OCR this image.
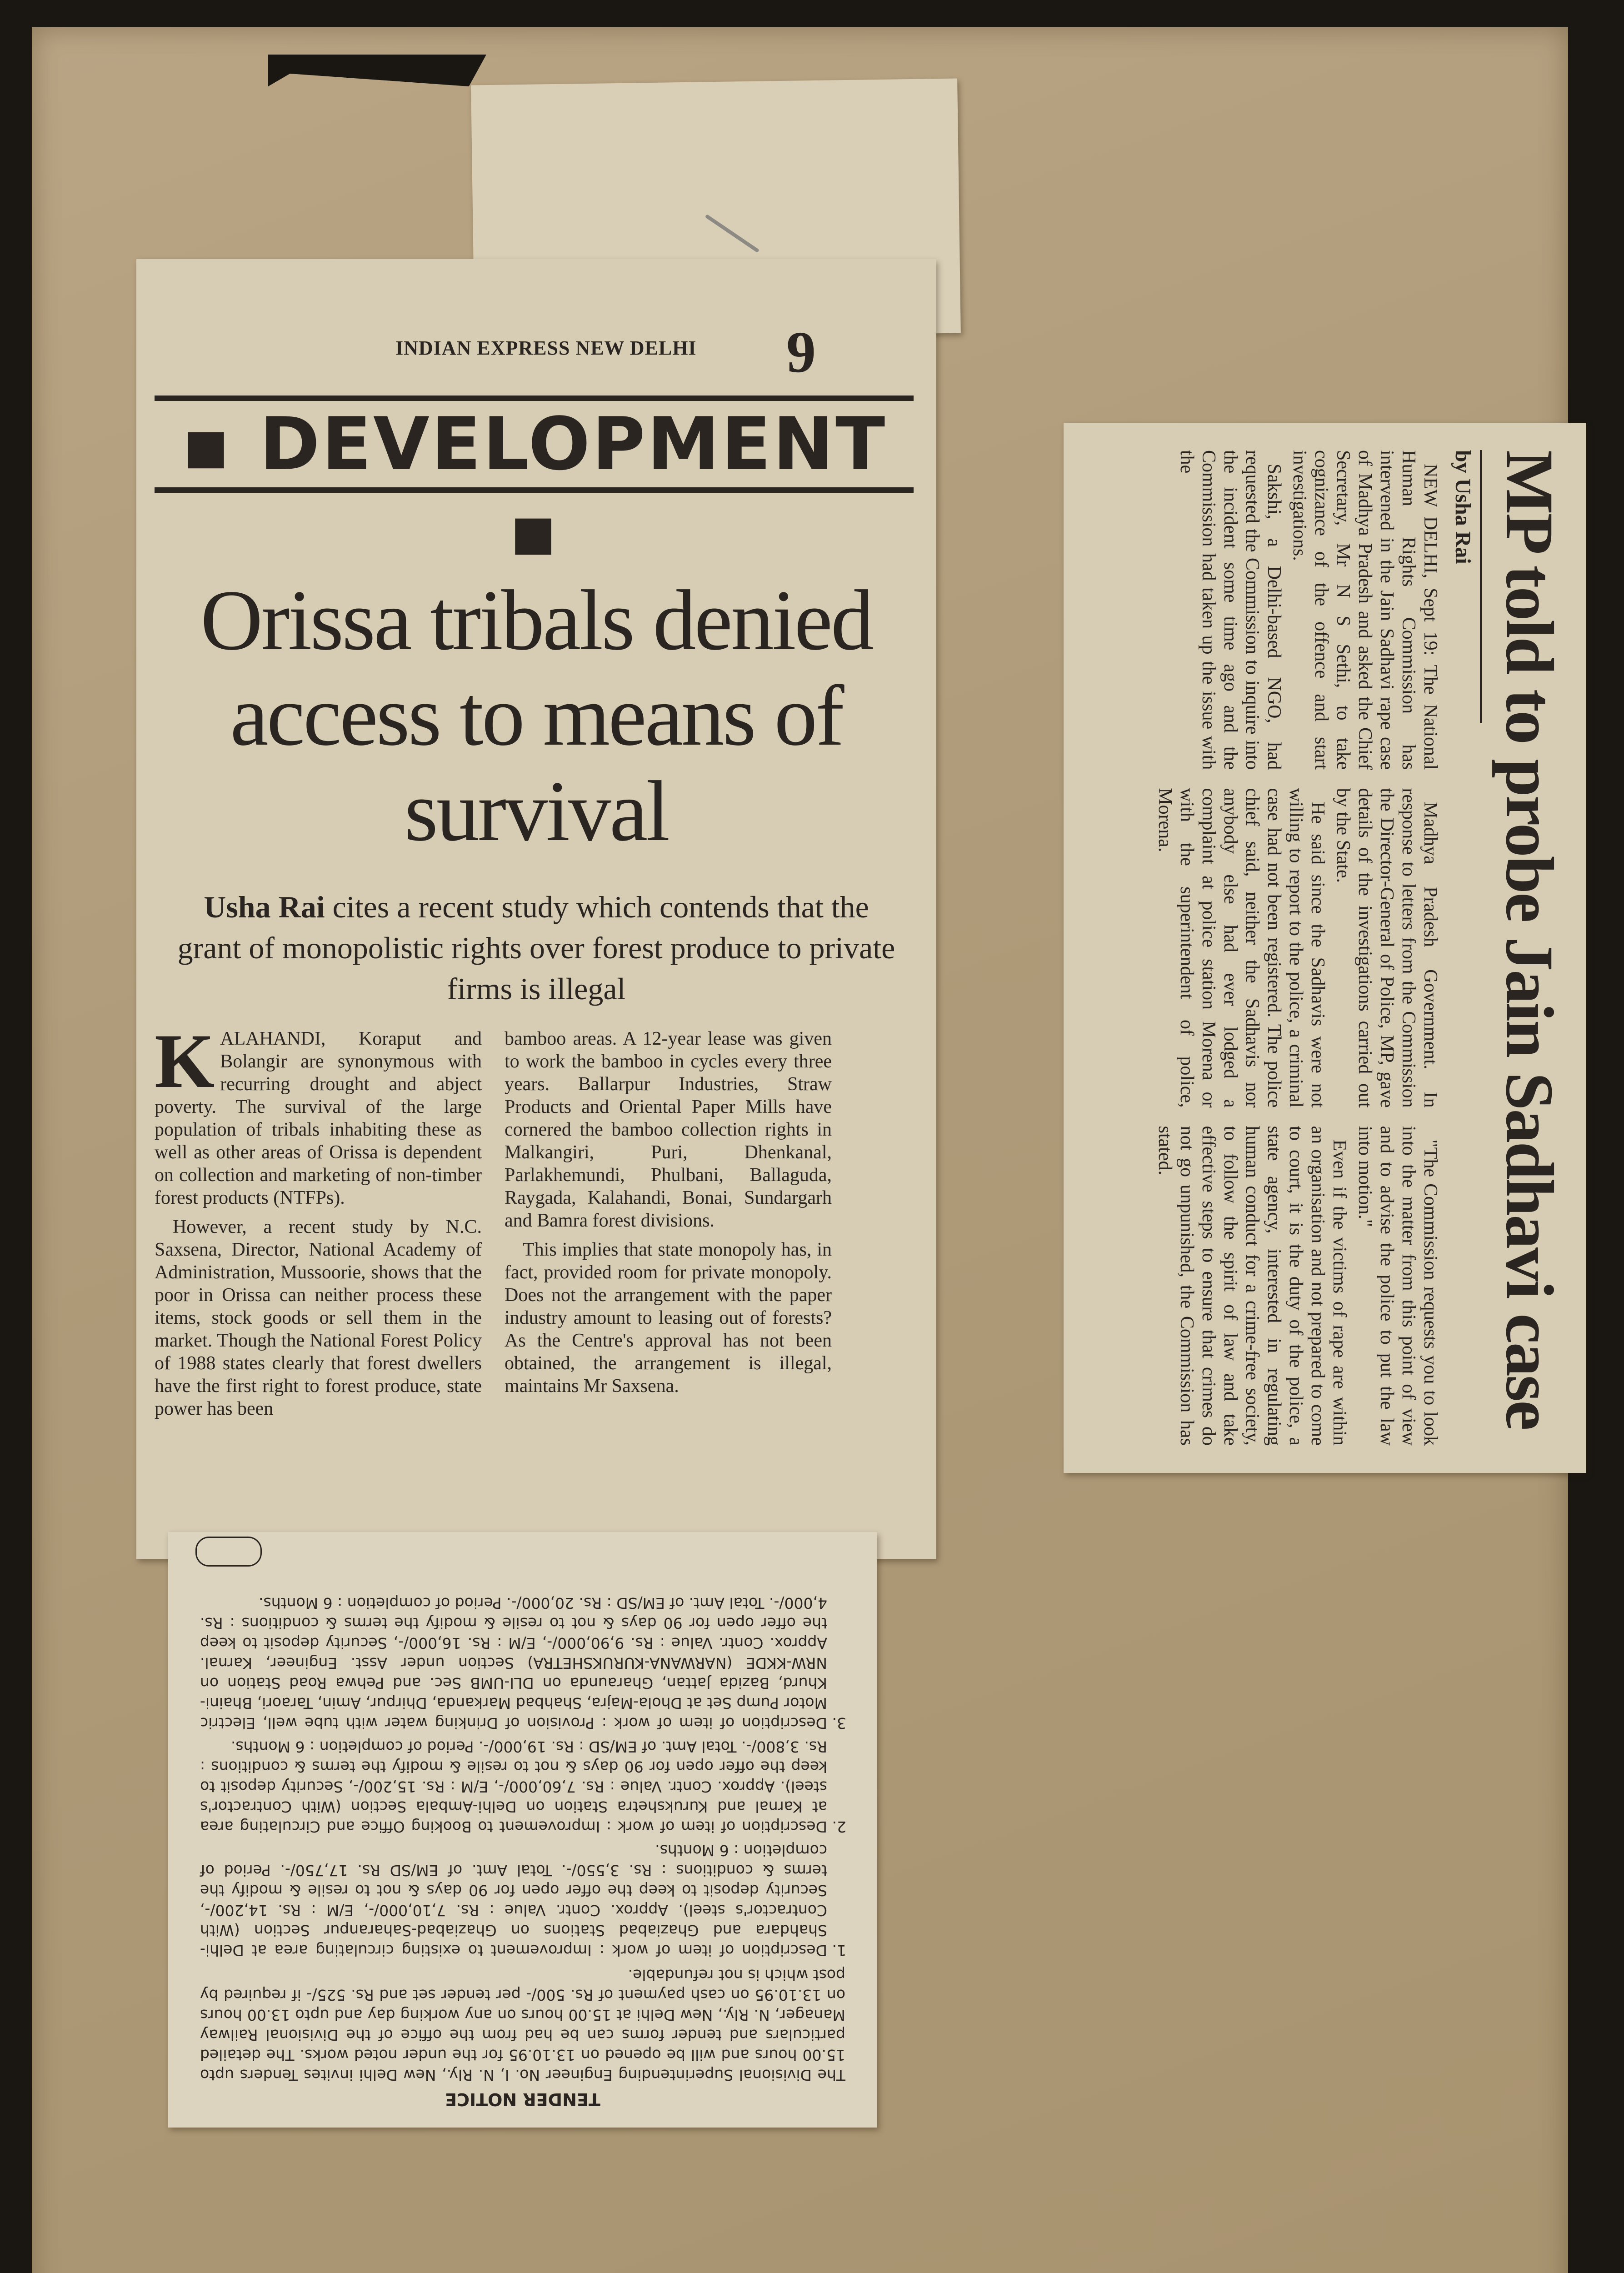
INDIAN EXPRESS NEW DELHI 9
▪ DEVELOPMENT ▪
Orissa tribals denied access to means of survival
Usha Rai cites a recent study which contends that the grant of monopolistic rights over forest produce to private firms is illegal

KALAHANDI, Koraput and Bolangir are synonymous with recurring drought and abject poverty. The survival of the large population of tribals inhabiting these as well as other areas of Orissa is dependent on collection and marketing of non-timber forest products (NTFPs).

However, a recent study by N.C. Saxsena, Director, National Academy of Administration, Mussoorie, shows that the poor in Orissa can neither process these items, stock goods or sell them in the market. Though the National Forest Policy of 1988 states clearly that forest dwellers have the first right to forest produce, state power has been

bamboo areas. A 12-year lease was given to work the bamboo in cycles every three years. Ballarpur Industries, Straw Products and Oriental Paper Mills have cornered the bamboo collection rights in Malkangiri, Puri, Dhenkanal, Parlakhemundi, Phulbani, Ballaguda, Raygada, Kalahandi, Bonai, Sundargarh and Bamra forest divisions.

This implies that state monopoly has, in fact, provided room for private monopoly. Does not the arrangement with the paper industry amount to leasing out of forests? As the Centre's approval has not been obtained, the arrangement is illegal, maintains Mr Saxsena.

TENDER NOTICE

The Divisional Superintending Engineer No. I, N. Rly., New Delhi invites Tenders upto 15.00 hours and will be opened on 13.10.95 for the under noted works. The detailed particulars and tender forms can be had from the office of the Divisional Railway Manager, N. Rly., New Delhi at 15.00 hours on any working day and upto 13.00 hours on 13.10.95 on cash payment of Rs. 500/- per tender set and Rs. 525/- if required by post which is not refundable.

1. Description of item of work : Improvement to existing circulating area at Delhi-Shahdara and Ghaziabad Stations on Ghaziabad-Saharanpur Section (With Contractor's steel). Approx. Contr. Value : Rs. 7,10,000/-, E/M : Rs. 14,200/-, Security deposit to keep the offer open for 90 days & not to resile & modify the terms & conditions : Rs. 3,550/-. Total Amt. of EM/SD Rs. 17,750/-. Period of completion : 6 Months.
2. Description of item of work : Improvement to Booking Office and Circulating area at Karnal and Kurukshetra Station on Delhi-Ambala Section (With Contractor's steel). Approx. Contr. Value : Rs. 7,60,000/-, E/M : Rs. 15,200/-, Security deposit to keep the offer open for 90 days & not to resile & modify the terms & conditions : Rs. 3,800/-. Total Amt. of EM/SD : Rs. 19,000/-. Period of completion : 6 Months.
3. Description of item of work : Provision of Drinking water with tube well, Electric Motor Pump Set at Dhola-Majra, Shahbad Markanda, Dhirpur, Amin, Taraori, Bhaini-Khurd, Bazida Jattan, Gharaunda on DLI-UMB Sec. and Pehwa Road Station on NRW-KKDE (NARWANA-KURUKSHETRA) Section under Asst. Engineer, Karnal. Approx. Contr. Value : Rs. 9,90,000/-, E/M : Rs. 16,000/-, Security deposit to keep the offer open for 90 days & not to resile & modify the terms & conditions : Rs. 4,000/-. Total Amt. of EM/SD : Rs. 20,000/-. Period of completion : 6 Months.
MP told to probe Jain Sadhavi case
by Usha Rai

NEW DELHI, Sept 19: The National Human Rights Commission has intervened in the Jain Sadhavi rape case of Madhya Pradesh and asked the Chief Secretary, Mr N S Sethi, to take cognizance of the offence and start investigations.

Sakshi, a Delhi-based NGO, had requested the Commission to inquire into the incident some time ago and the Commission had taken up the issue with the

Madhya Pradesh Government. In response to letters from the Commission the Director-General of Police, MP, gave details of the investigations carried out by the State.

He said since the Sadhavis were not willing to report to the police, a criminal case had not been registered. The police chief said, neither the Sadhavis nor anybody else had ever lodged a complaint at police station Morena or with the superintendent of police, Morena.

"The Commission requests you to look into the matter from this point of view and to advise the police to put the law into motion."

Even if the victims of rape are within an organisation and not prepared to come to court, it is the duty of the police, a state agency, interested in regulating human conduct for a crime-free society, to follow the spirit of law and take effective steps to ensure that crimes do not go unpunished, the Commission has stated.
